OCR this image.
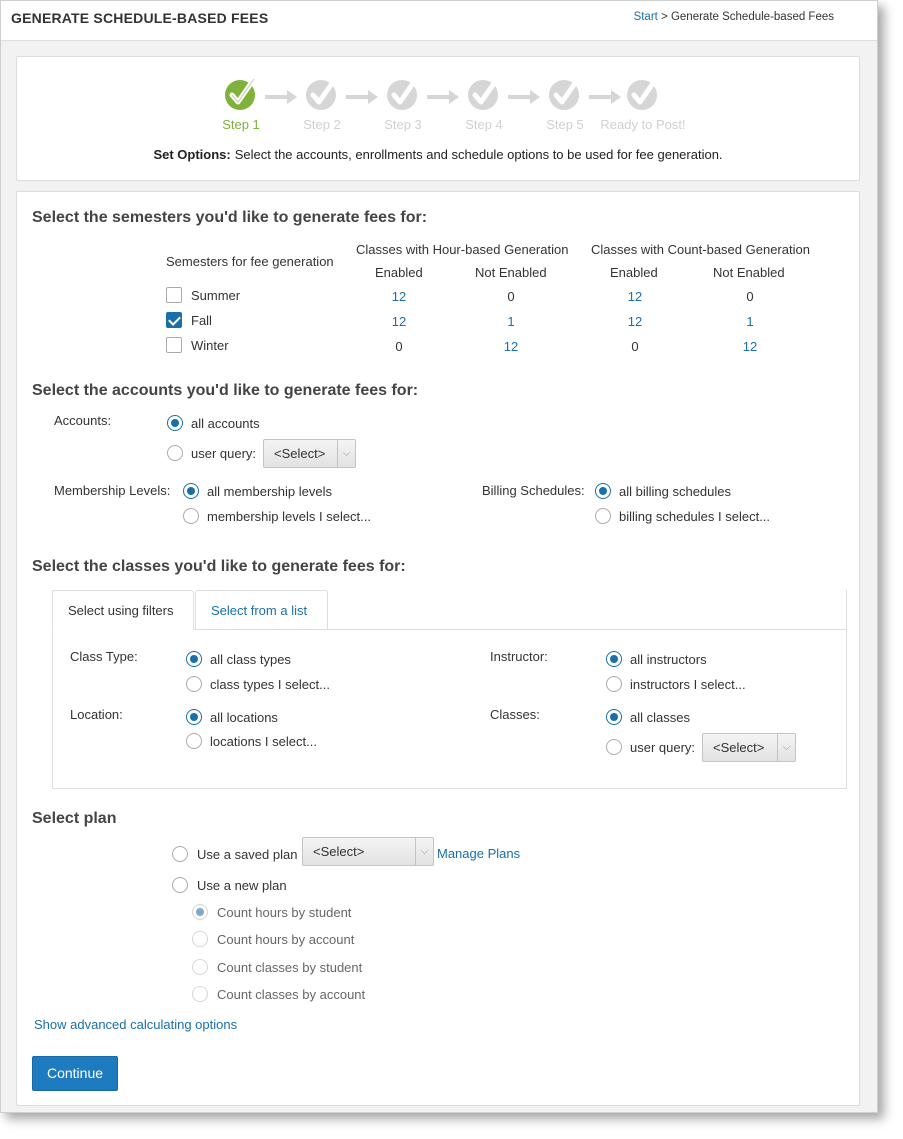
GENERATE SCHEDULE-BASED FEES	Start > Generate Schedule-based Fees
Step 1	Step 2	Step 3	Step 4	Step 5	Ready to Post!
Set Options: Select the accounts, enrollments and schedule options to be used for fee generation.
Select the semesters you'd like to generate fees for:
Semesters for fee generation
Classes with Hour-based Generation Classes with Count-based Generation
Enabled	Not Enabled	Enabled	Not Enabled
Summer	12	0	12	0
Fall	12	1	12	1
Winter	0	12	0	12
Select the accounts you'd like to generate fees for:
Accounts:	all accounts
user query: <Select>	⌵
Membership Levels:	all membership levels
membership levels I select...
Billing Schedules:	all billing schedules
billing schedules I select...
Select the classes you'd like to generate fees for:
Select using filters	Select from a list
Class Type:	all class types
class types I select...
Instructor:	all instructors
instructors I select...
Location:	all locations
locations I select...
Classes:	all classes
user query: <Select>	⌵
Select plan
Use a saved plan <Select>	⌵ Manage Plans
Use a new plan
Count hours by student
Count hours by account
Count classes by student
Count classes by account
Show advanced calculating options
Continue
